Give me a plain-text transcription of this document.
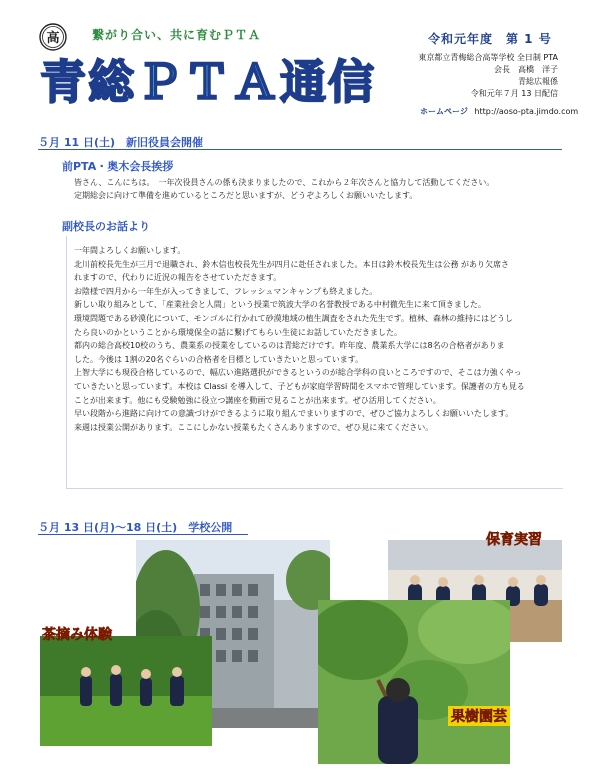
高	繋がり合い、共に育むＰＴＡ
青総ＰＴＡ通信
令和元年度　第 1 号
東京都立青梅総合高等学校 全日制 PTA
会長　高橋　洋子
青総広報係
令和元年７月 13 日配信
ホームページ http://aoso-pta.jimdo.com
５月 11 日(土)　新旧役員会開催
前PTA・奥木会長挨拶
皆さん、こんにちは。　一年次役員さんの係も決まりましたので、これから２年次さんと協力して活動してください。
定期総会に向けて準備を進めているところだと思いますが、どうぞよろしくお願いいたします。
副校長のお話より

一年間よろしくお願いします。

北川前校長先生が三月で退職され、鈴木信也校長先生が四月に赴任されました。本日は鈴木校長先生は公務 があり欠席さ

れますので、代わりに近況の報告をさせていただきます。

お陰様で四月から一年生が入ってきまして、フレッシュマンキャンプも終えました。

新しい取り組みとして、「産業社会と人間」という授業で筑波大学の名誉教授である中村徹先生に来て頂きました。

環境問題である砂漠化について、モンゴルに行かれて砂漠地域の植生調査をされた先生です。植林、森林の維持にはどうし

たら良いのかということから環境保全の話に繋げてもらい生徒にお話していただきました。

都内の総合高校10校のうち、農業系の授業をしているのは青総だけです。昨年度、農業系大学には8名の合格者がありま

した。今後は 1割の20名ぐらいの合格者を目標としていきたいと思っています。

上智大学にも現役合格しているので、幅広い進路選択ができるというのが総合学科の良いところですので、そこは力強くやっ

ていきたいと思っています。本校は Classi を導入して、子どもが家庭学習時間をスマホで管理しています。保護者の方も見る

ことが出来ます。他にも受験勉強に役立つ講座を動画で見ることが出来ます。ぜひ活用してください。

早い段階から進路に向けての意識づけができるように取り組んでまいりますので、ぜひご協力よろしくお願いいたします。

来週は授業公開があります。ここにしかない授業もたくさんありますので、ぜひ見に来てください。

５月 13 日(月)～18 日(土)　学校公開
茶摘み体験
保育実習
果樹園芸
